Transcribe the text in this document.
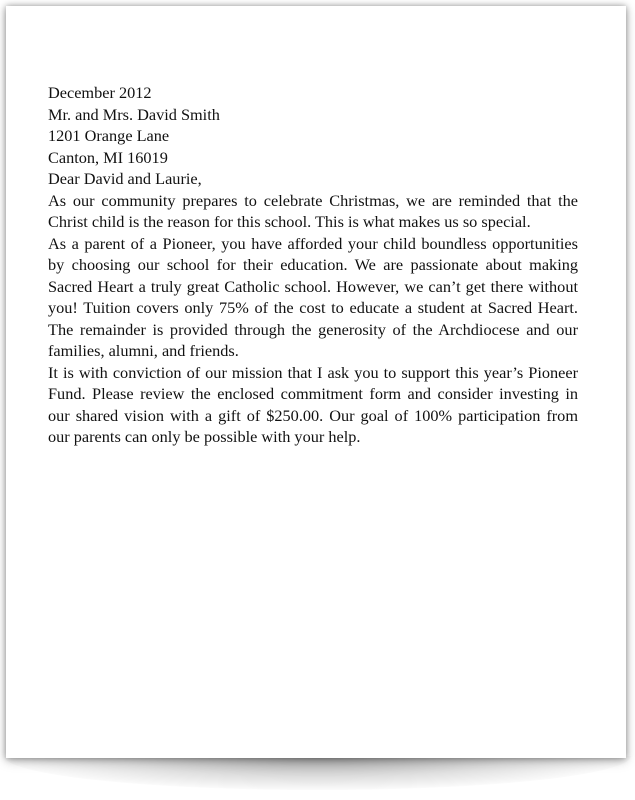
December 2012

Mr. and Mrs. David Smith
1201 Orange Lane
Canton, MI 16019

Dear David and Laurie,

As our community prepares to celebrate Christmas, we are reminded that the Christ child is the reason for this school. This is what makes us so special.

As a parent of a Pioneer, you have afforded your child boundless opportunities by choosing our school for their education. We are passionate about making Sacred Heart a truly great Catholic school. However, we can’t get there without you! Tuition covers only 75% of the cost to educate a student at Sacred Heart. The remainder is provided through the generosity of the Archdiocese and our families, alumni, and friends.

It is with conviction of our mission that I ask you to support this year’s Pioneer Fund. Please review the enclosed commitment form and consider investing in our shared vision with a gift of $250.00. Our goal of 100% participation from our parents can only be possible with your help.
